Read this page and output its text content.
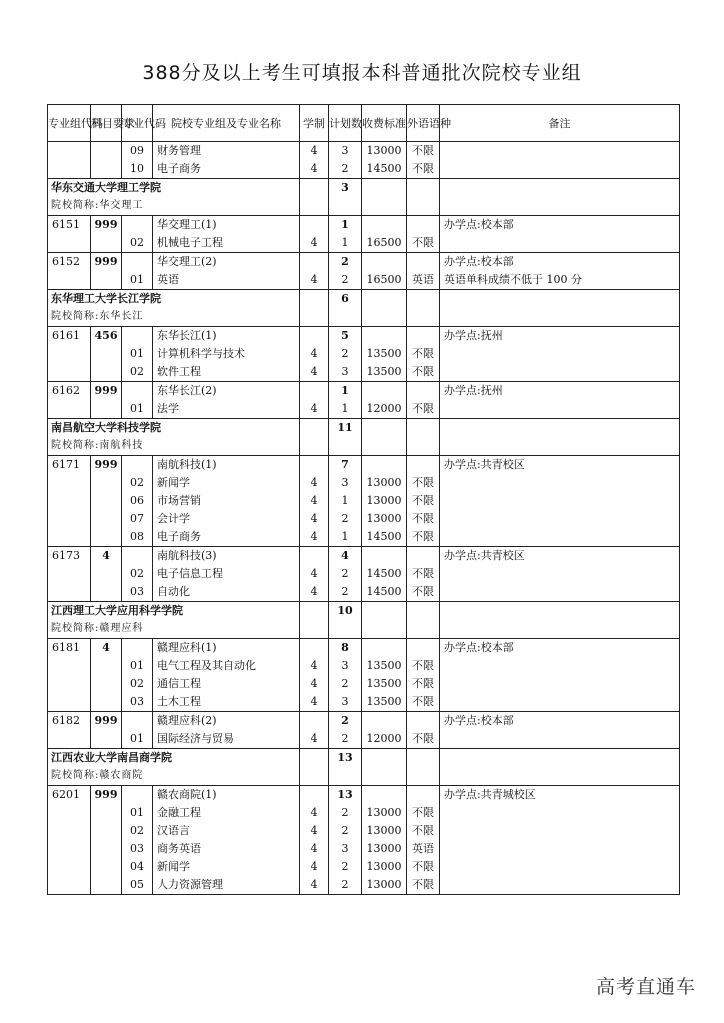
388分及以上考生可填报本科普通批次院校专业组
专业组代码	科目要求	专业代码	院校专业组及专业名称	学制	计划数	收费标准	外语语种	备注
		09	财务管理	4	3	13000	不限	
		10	电子商务	4	2	14500	不限	
华东交通大学理工学院					3			
院校简称:华交理工								
6151	999		华交理工(1)		1			办学点:校本部
		02	机械电子工程	4	1	16500	不限	
6152	999		华交理工(2)		2			办学点:校本部
		01	英语	4	2	16500	英语	英语单科成绩不低于 100 分
东华理工大学长江学院					6			
院校简称:东华长江								
6161	456		东华长江(1)		5			办学点:抚州
		01	计算机科学与技术	4	2	13500	不限	
		02	软件工程	4	3	13500	不限	
6162	999		东华长江(2)		1			办学点:抚州
		01	法学	4	1	12000	不限	
南昌航空大学科技学院					11			
院校简称:南航科技								
6171	999		南航科技(1)		7			办学点:共青校区
		02	新闻学	4	3	13000	不限	
		06	市场营销	4	1	13000	不限	
		07	会计学	4	2	13000	不限	
		08	电子商务	4	1	14500	不限	
6173	4		南航科技(3)		4			办学点:共青校区
		02	电子信息工程	4	2	14500	不限	
		03	自动化	4	2	14500	不限	
江西理工大学应用科学学院					10			
院校简称:赣理应科								
6181	4		赣理应科(1)		8			办学点:校本部
		01	电气工程及其自动化	4	3	13500	不限	
		02	通信工程	4	2	13500	不限	
		03	土木工程	4	3	13500	不限	
6182	999		赣理应科(2)		2			办学点:校本部
		01	国际经济与贸易	4	2	12000	不限	
江西农业大学南昌商学院					13			
院校简称:赣农商院								
6201	999		赣农商院(1)		13			办学点:共青城校区
		01	金融工程	4	2	13000	不限	
		02	汉语言	4	2	13000	不限	
		03	商务英语	4	3	13000	英语	
		04	新闻学	4	2	13000	不限	
		05	人力资源管理	4	2	13000	不限	
高考直通车
